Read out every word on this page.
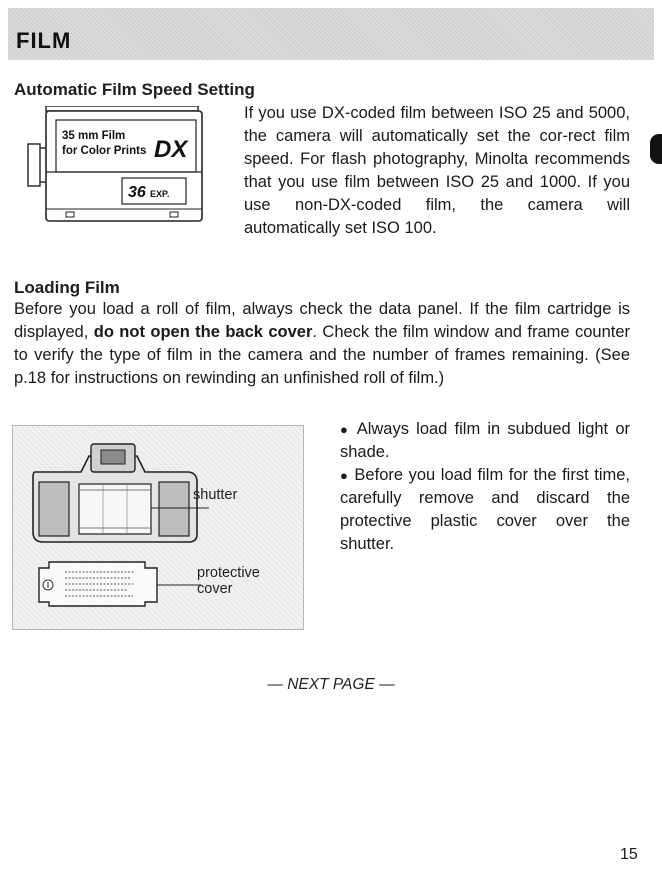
FILM
Automatic Film Speed Setting
35 mm Film
for Color Prints DX
36 EXP.

If you use DX-coded film between ISO 25 and 5000, the camera will automatically set the cor-rect film speed. For flash photography, Minolta recommends that you use film between ISO 25 and 1000. If you use non-DX-coded film, the camera will automatically set ISO 100.

Loading Film

Before you load a roll of film, always check the data panel. If the film cartridge is displayed, do not open the back cover. Check the film window and frame counter to verify the type of film in the camera and the number of frames remaining. (See p.18 for instructions on rewinding an unfinished roll of film.)

shutter

protective

cover

● Always load film in subdued light or shade.

● Before you load film for the first time, carefully remove and discard the protective plastic cover over the shutter.

— NEXT PAGE —
15
